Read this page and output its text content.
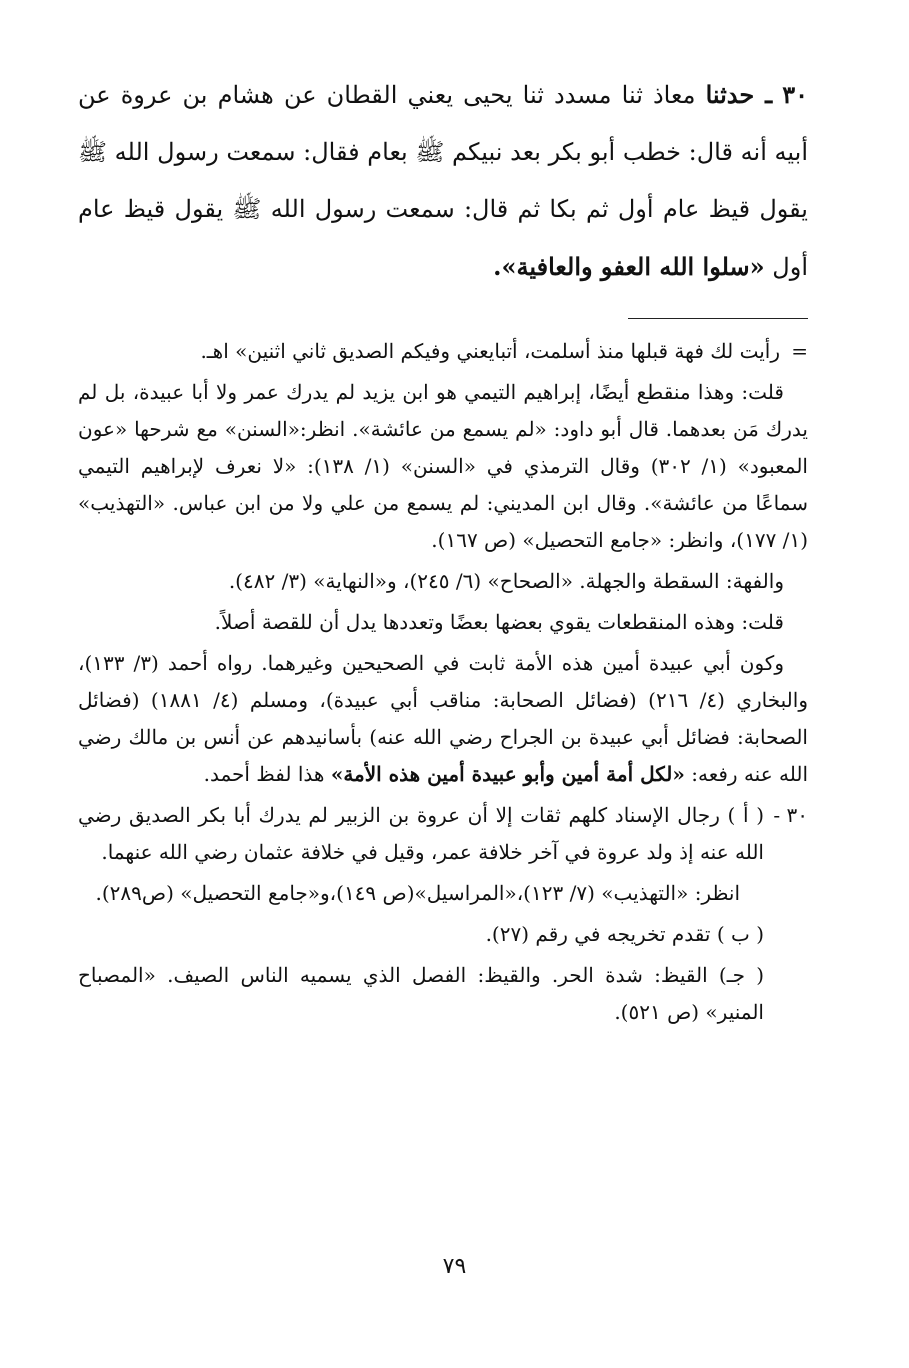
٣٠ ـ حدثنا معاذ ثنا مسدد ثنا يحيى يعني القطان عن هشام بن عروة عن أبيه أنه قال: خطب أبو بكر بعد نبيكم ﷺ بعام فقال: سمعت رسول الله ﷺ يقول قيظ عام أول ثم بكا ثم قال: سمعت رسول الله ﷺ يقول قيظ عام أول «سلوا الله العفو والعافية».

=رأيت لك فهة قبلها منذ أسلمت، أتبايعني وفيكم الصديق ثاني اثنين» اهـ.

قلت: وهذا منقطع أيضًا، إبراهيم التيمي هو ابن يزيد لم يدرك عمر ولا أبا عبيدة، بل لم يدرك مَن بعدهما. قال أبو داود: «لم يسمع من عائشة». انظر:«السنن» مع شرحها «عون المعبود» (١/ ٣٠٢) وقال الترمذي في «السنن» (١/ ١٣٨): «لا نعرف لإبراهيم التيمي سماعًا من عائشة». وقال ابن المديني: لم يسمع من علي ولا من ابن عباس. «التهذيب» (١/ ١٧٧)، وانظر: «جامع التحصيل» (ص ١٦٧).

والفهة: السقطة والجهلة. «الصحاح» (٦/ ٢٤٥)، و«النهاية» (٣/ ٤٨٢).

قلت: وهذه المنقطعات يقوي بعضها بعضًا وتعددها يدل أن للقصة أصلاً.

وكون أبي عبيدة أمين هذه الأمة ثابت في الصحيحين وغيرهما. رواه أحمد (٣/ ١٣٣)، والبخاري (٤/ ٢١٦) (فضائل الصحابة: مناقب أبي عبيدة)، ومسلم (٤/ ١٨٨١) (فضائل الصحابة: فضائل أبي عبيدة بن الجراح رضي الله عنه) بأسانيدهم عن أنس بن مالك رضي الله عنه رفعه: «لكل أمة أمين وأبو عبيدة أمين هذه الأمة» هذا لفظ أحمد.

٣٠ -( أ ) رجال الإسناد كلهم ثقات إلا أن عروة بن الزبير لم يدرك أبا بكر الصديق رضي الله عنه إذ ولد عروة في آخر خلافة عمر، وقيل في خلافة عثمان رضي الله عنهما.

انظر: «التهذيب» (٧/ ١٢٣)،«المراسيل»(ص ١٤٩)،و«جامع التحصيل» (ص٢٨٩).

( ب ) تقدم تخريجه في رقم (٢٧).

( جـ) القيظ: شدة الحر. والقيظ: الفصل الذي يسميه الناس الصيف. «المصباح المنير» (ص ٥٢١).

٧٩
